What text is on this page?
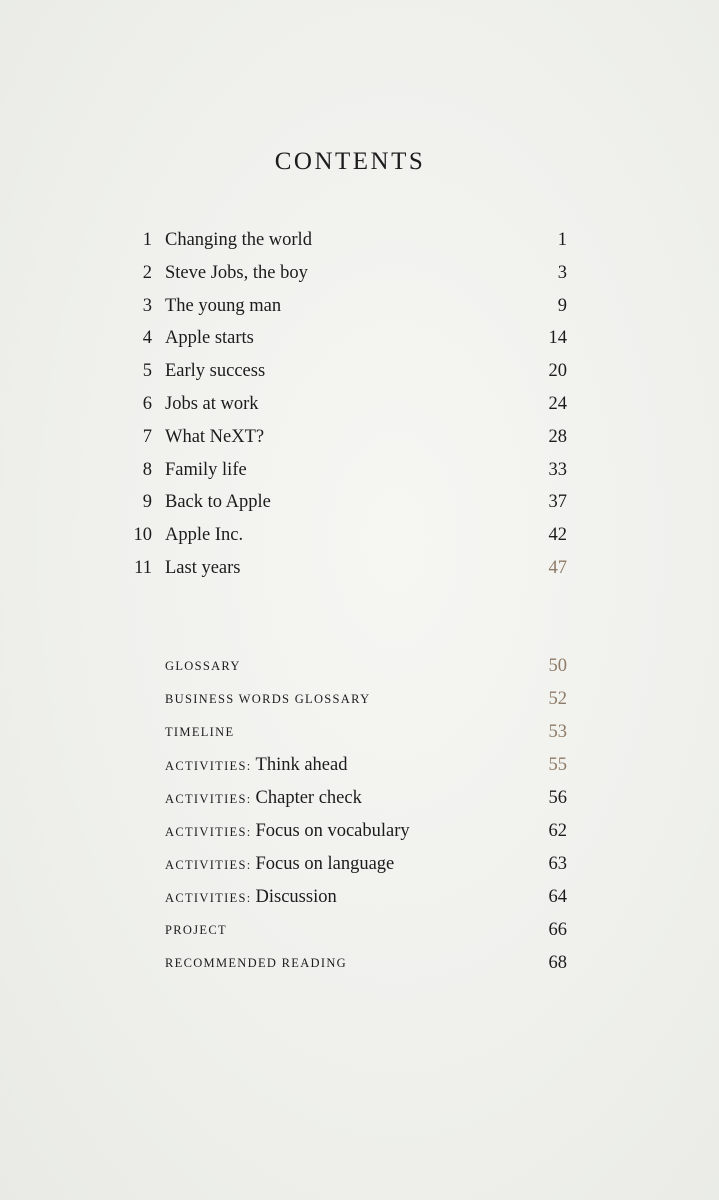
CONTENTS
1 Changing the world	1
2 Steve Jobs, the boy	3
3 The young man	9
4 Apple starts	14
5 Early success	20
6 Jobs at work	24
7 What NeXT?	28
8 Family life	33
9 Back to Apple	37
10 Apple Inc.	42
11 Last years	47
GLOSSARY	50
BUSINESS WORDS GLOSSARY	52
TIMELINE	53
ACTIVITIES: Think ahead	55
ACTIVITIES: Chapter check	56
ACTIVITIES: Focus on vocabulary	62
ACTIVITIES: Focus on language	63
ACTIVITIES: Discussion	64
PROJECT	66
RECOMMENDED READING	68
